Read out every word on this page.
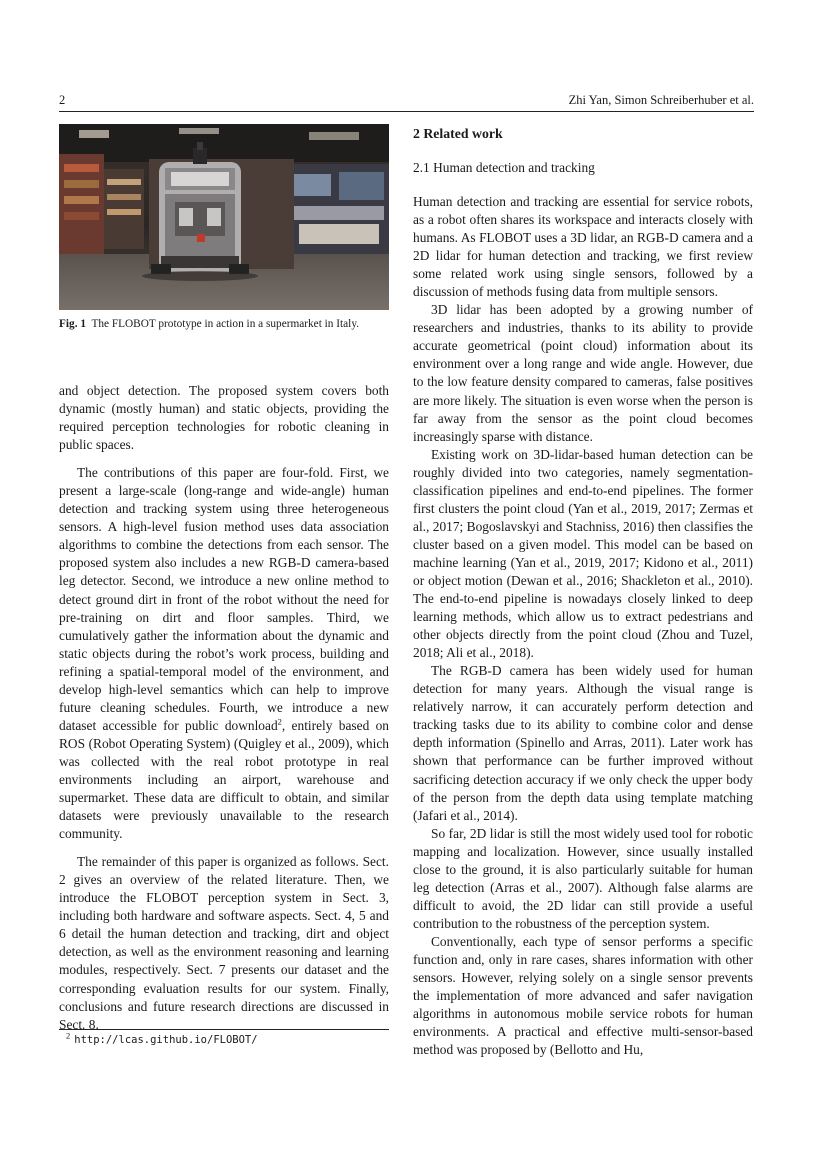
2	Zhi Yan, Simon Schreiberhuber et al.
Fig. 1 The FLOBOT prototype in action in a supermarket in Italy.

and object detection. The proposed system covers both dynamic (mostly human) and static objects, providing the required perception technologies for robotic cleaning in public spaces.

The contributions of this paper are four-fold. First, we present a large-scale (long-range and wide-angle) human detection and tracking system using three heterogeneous sensors. A high-level fusion method uses data association algorithms to combine the detections from each sensor. The proposed system also includes a new RGB-D camera-based leg detector. Second, we introduce a new online method to detect ground dirt in front of the robot without the need for pre-training on dirt and floor samples. Third, we cumulatively gather the information about the dynamic and static objects during the robot’s work process, building and refining a spatial-temporal model of the environment, and develop high-level semantics which can help to improve future cleaning schedules. Fourth, we introduce a new dataset accessible for public download$^2$, entirely based on ROS (Robot Operating System) (Quigley et al., 2009), which was collected with the real robot prototype in real environments including an airport, warehouse and supermarket. These data are difficult to obtain, and similar datasets were previously unavailable to the research community.

The remainder of this paper is organized as follows. Sect. 2 gives an overview of the related literature. Then, we introduce the FLOBOT perception system in Sect. 3, including both hardware and software aspects. Sect. 4, 5 and 6 detail the human detection and tracking, dirt and object detection, as well as the environment reasoning and learning modules, respectively. Sect. 7 presents our dataset and the corresponding evaluation results for our system. Finally, conclusions and future research directions are discussed in Sect. 8.

$^2$ http://lcas.github.io/FLOBOT/
2 Related work
2.1 Human detection and tracking

Human detection and tracking are essential for service robots, as a robot often shares its workspace and interacts closely with humans. As FLOBOT uses a 3D lidar, an RGB-D camera and a 2D lidar for human detection and tracking, we first review some related work using single sensors, followed by a discussion of methods fusing data from multiple sensors.

3D lidar has been adopted by a growing number of researchers and industries, thanks to its ability to provide accurate geometrical (point cloud) information about its environment over a long range and wide angle. However, due to the low feature density compared to cameras, false positives are more likely. The situation is even worse when the person is far away from the sensor as the point cloud becomes increasingly sparse with distance.

Existing work on 3D-lidar-based human detection can be roughly divided into two categories, namely segmentation-classification pipelines and end-to-end pipelines. The former first clusters the point cloud (Yan et al., 2019, 2017; Zermas et al., 2017; Bogoslavskyi and Stachniss, 2016) then classifies the cluster based on a given model. This model can be based on machine learning (Yan et al., 2019, 2017; Kidono et al., 2011) or object motion (Dewan et al., 2016; Shackleton et al., 2010). The end-to-end pipeline is nowadays closely linked to deep learning methods, which allow us to extract pedestrians and other objects directly from the point cloud (Zhou and Tuzel, 2018; Ali et al., 2018).

The RGB-D camera has been widely used for human detection for many years. Although the visual range is relatively narrow, it can accurately perform detection and tracking tasks due to its ability to combine color and dense depth information (Spinello and Arras, 2011). Later work has shown that performance can be further improved without sacrificing detection accuracy if we only check the upper body of the person from the depth data using template matching (Jafari et al., 2014).

So far, 2D lidar is still the most widely used tool for robotic mapping and localization. However, since usually installed close to the ground, it is also particularly suitable for human leg detection (Arras et al., 2007). Although false alarms are difficult to avoid, the 2D lidar can still provide a useful contribution to the robustness of the perception system.

Conventionally, each type of sensor performs a specific function and, only in rare cases, shares information with other sensors. However, relying solely on a single sensor prevents the implementation of more advanced and safer navigation algorithms in autonomous mobile service robots for human environments. A practical and effective multi-sensor-based method was proposed by (Bellotto and Hu,
